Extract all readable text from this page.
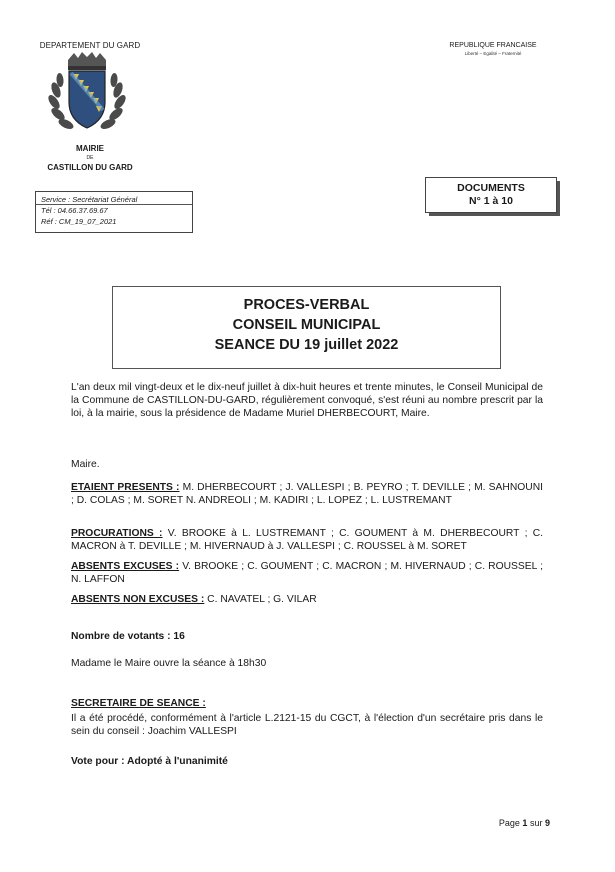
DEPARTEMENT DU GARD	REPUBLIQUE FRANCAISE
Liberté – Egalité – Fraternité
MAIRIE
DE
CASTILLON DU GARD
Service : Secrétariat Général
Tél : 04.66.37.69.67
Réf : CM_19_07_2021
DOCUMENTS
N° 1 à 10
PROCES-VERBAL
CONSEIL MUNICIPAL
SEANCE DU 19 juillet 2022
L'an deux mil vingt-deux et le dix-neuf juillet à dix-huit heures et trente minutes, le Conseil Municipal de la Commune de CASTILLON-DU-GARD, régulièrement convoqué, s'est réuni au nombre prescrit par la loi, à la mairie, sous la présidence de Madame Muriel DHERBECOURT, Maire.
Maire.
ETAIENT PRESENTS : M. DHERBECOURT ; J. VALLESPI ; B. PEYRO ; T. DEVILLE ; M. SAHNOUNI ; D. COLAS ; M. SORET N. ANDREOLI ; M. KADIRI ; L. LOPEZ ; L. LUSTREMANT
PROCURATIONS : V. BROOKE à L. LUSTREMANT ; C. GOUMENT à M. DHERBECOURT ; C. MACRON à T. DEVILLE ; M. HIVERNAUD à J. VALLESPI ; C. ROUSSEL à M. SORET
ABSENTS EXCUSES : V. BROOKE ; C. GOUMENT ; C. MACRON ; M. HIVERNAUD ; C. ROUSSEL ; N. LAFFON
ABSENTS NON EXCUSES : C. NAVATEL ; G. VILAR
Nombre de votants : 16
Madame le Maire ouvre la séance à 18h30
SECRETAIRE DE SEANCE :
Il a été procédé, conformément à l'article L.2121-15 du CGCT, à l'élection d'un secrétaire pris dans le sein du conseil : Joachim VALLESPI
Vote pour : Adopté à l'unanimité
Page 1 sur 9
